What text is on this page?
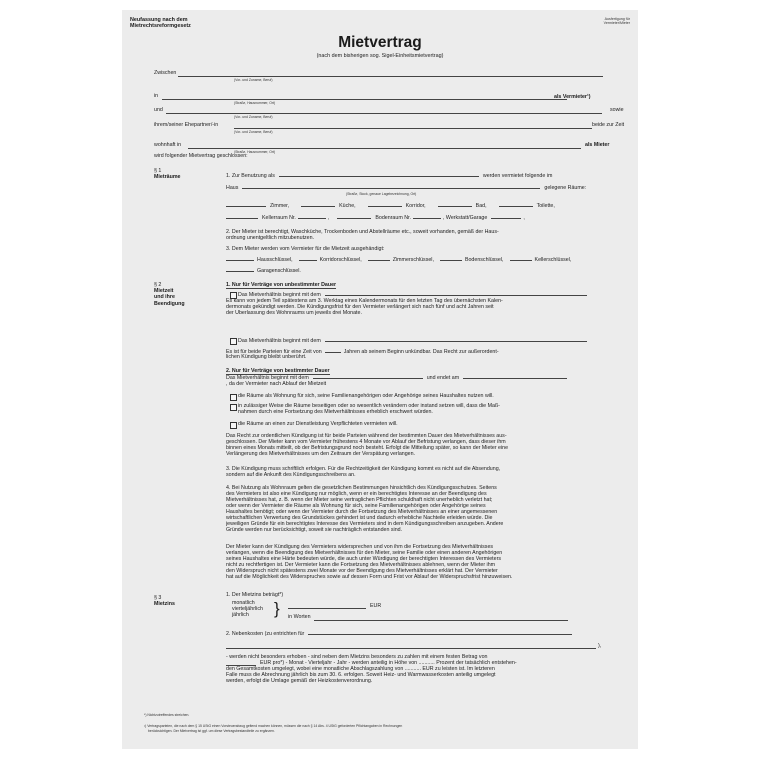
Neufassung nach dem
Mietrechtsreformgesetz
Ausfertigung für
Vermieter/Mieter
Mietvertrag
(nach dem bisherigen sog. Sigel-Einheitsmietvertrag)
Zwischen
(Vor- und Zuname, Beruf)
in
(Straße, Hausnummer, Ort)
als Vermieter¹)
und	sowie
(Vor- und Zuname, Beruf)
ihrem/seiner Ehepartner/-in	beide zur Zeit
(Vor- und Zuname, Beruf)
wohnhaft in	als Mieter
(Straße, Hausnummer, Ort)
wird folgender Mietvertrag geschlossen:
§ 1
Mieträume	1. Zur Benutzung als	werden vermietet folgende im
Haus	gelegene Räume:
(Straße, Stock, genaue Lagebezeichnung, Ort)
Zimmer,	Küche,	Korridor,	Bad,	Toilette,
Kellerraum Nr.	,	Bodenraum Nr.	, Werkstatt/Garage	,
2. Der Mieter ist berechtigt, Waschküche, Trockenboden und Abstellräume etc., soweit vorhanden, gemäß der Haus-
ordnung unentgeltlich mitzubenutzen.
3. Dem Mieter werden vom Vermieter für die Mietzeit ausgehändigt:
Hausschlüssel,	Korridorschlüssel,	Zimmerschlüssel,	Bodenschlüssel,	Kellerschlüssel,
Garagenschlüssel.
§ 2
Mietzeit
und ihre
Beendigung
1. Nur für Verträge von unbestimmter Dauer
Das Mietverhältnis beginnt mit dem
Es kann von jedem Teil spätestens am 3. Werktag eines Kalendermonats für den letzten Tag des übernächsten Kalen-
dermonats gekündigt werden. Die Kündigungsfrist für den Vermieter verlängert sich nach fünf und acht Jahren seit
der Überlassung des Wohnraums um jeweils drei Monate.
Das Mietverhältnis beginnt mit dem
Es ist für beide Parteien für eine Zeit von	Jahren ab seinem Beginn unkündbar. Das Recht zur außerordent-
lichen Kündigung bleibt unberührt.
2. Nur für Verträge von bestimmter Dauer
Das Mietverhältnis beginnt mit dem	und endet am
, da der Vermieter nach Ablauf der Mietzeit
die Räume als Wohnung für sich, seine Familienangehörigen oder Angehörige seines Haushaltes nutzen will.
in zulässiger Weise die Räume beseitigen oder so wesentlich verändern oder instand setzen will, dass die Maß-
nahmen durch eine Fortsetzung des Mietverhältnisses erheblich erschwert würden.
die Räume an einen zur Dienstleistung Verpflichteten vermieten will.
Das Recht zur ordentlichen Kündigung ist für beide Parteien während der bestimmten Dauer des Mietverhältnisses aus-
geschlossen. Der Mieter kann vom Vermieter frühestens 4 Monate vor Ablauf der Befristung verlangen, dass dieser ihm
binnen eines Monats mitteilt, ob der Befristungsgrund noch besteht. Erfolgt die Mitteilung später, so kann der Mieter eine
Verlängerung des Mietverhältnisses um den Zeitraum der Verspätung verlangen.
3. Die Kündigung muss schriftlich erfolgen. Für die Rechtzeitigkeit der Kündigung kommt es nicht auf die Absendung,
sondern auf die Ankunft des Kündigungsschreibens an.
4. Bei Nutzung als Wohnraum gelten die gesetzlichen Bestimmungen hinsichtlich des Kündigungsschutzes. Seitens
des Vermieters ist also eine Kündigung nur möglich, wenn er ein berechtigtes Interesse an der Beendigung des
Mietverhältnisses hat, z. B. wenn der Mieter seine vertraglichen Pflichten schuldhaft nicht unerheblich verletzt hat;
oder wenn der Vermieter die Räume als Wohnung für sich, seine Familienangehörigen oder Angehörige seines
Haushaltes benötigt; oder wenn der Vermieter durch die Fortsetzung des Mietverhältnisses an einer angemessenen
wirtschaftlichen Verwertung des Grundstückes gehindert ist und dadurch erhebliche Nachteile erleiden würde. Die
jeweiligen Gründe für ein berechtigtes Interesse des Vermieters sind in dem Kündigungsschreiben anzugeben. Andere
Gründe werden nur berücksichtigt, soweit sie nachträglich entstanden sind.
Der Mieter kann der Kündigung des Vermieters widersprechen und von ihm die Fortsetzung des Mietverhältnisses
verlangen, wenn die Beendigung des Mietverhältnisses für den Mieter, seine Familie oder einen anderen Angehörigen
seines Haushaltes eine Härte bedeuten würde, die auch unter Würdigung der berechtigten Interessen des Vermieters
nicht zu rechtfertigen ist. Der Vermieter kann die Fortsetzung des Mietverhältnisses ablehnen, wenn der Mieter ihm
den Widerspruch nicht spätestens zwei Monate vor der Beendigung des Mietverhältnisses erklärt hat. Der Vermieter
hat auf die Möglichkeit des Widerspruches sowie auf dessen Form und Frist vor Ablauf der Widerspruchsfrist hinzuweisen.
§ 3
Mietzins
1. Der Mietzins beträgt*)
monatlich
vierteljährlich
jährlich	}	EUR
in Worten
2. Nebenkosten (zu entrichten für
),
- werden nicht besonders erhoben - sind neben dem Mietzins besonders zu zahlen mit einem festen Betrag von
EUR pro*) - Monat - Vierteljahr - Jahr - werden anteilig in Höhe von ........... Prozent der tatsächlich entstehen-
den Gesamtkosten umgelegt, wobei eine monatliche Abschlagszahlung von ........... EUR zu leisten ist. Im letzteren
Falle muss die Abrechnung jährlich bis zum 30. 6. erfolgen. Soweit Heiz- und Warmwasserkosten anteilig umgelegt
werden, erfolgt die Umlage gemäß der Heizkostenverordnung.
*) Nichtzutreffendes streichen.
¹) Vertragsparteien, die nach dem § 15 UStG einen Vorsteuerabzug geltend machen können, müssen die nach § 14 Abs. 4 UStG geforderten Pflichtangaben in Rechnungen
berücksichtigen. Der Mietvertrag ist ggf. um diese Vertragsbestandteile zu ergänzen.
